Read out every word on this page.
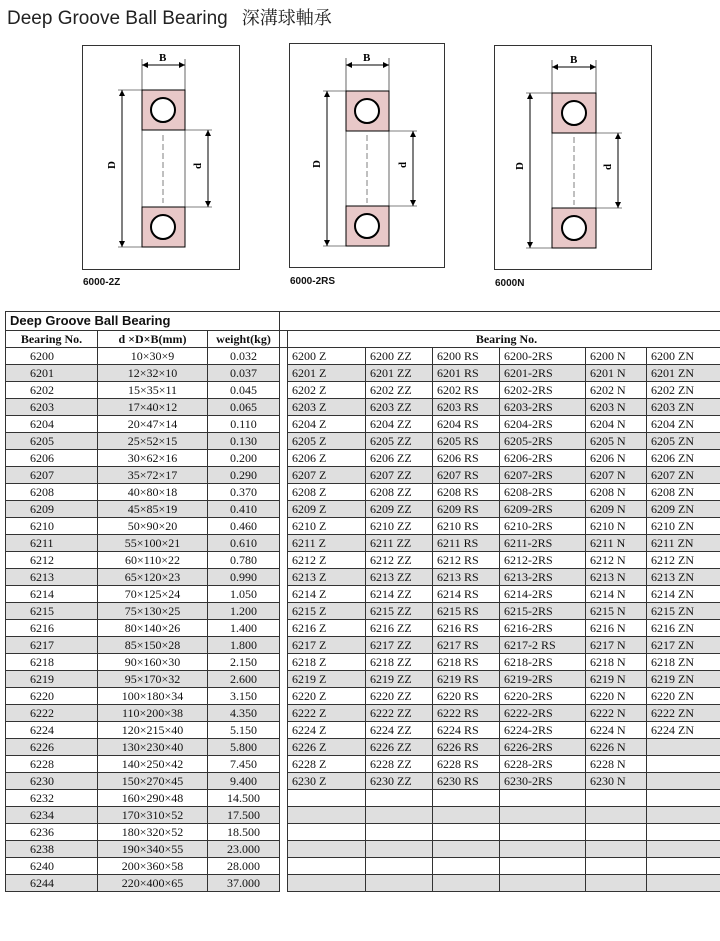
Deep Groove Ball Bearing 深溝球軸承
B
D	d
6000-2Z
B
D	d
6000-2RS
B
D	d
6000N
Deep Groove Ball Bearing									
Bearing No.	d ×D×B(mm)	weight(kg)		Bearing No.					
6200	10×30×9	0.032		6200 Z	6200 ZZ	6200 RS	6200-2RS	6200 N	6200 ZN
6201	12×32×10	0.037		6201 Z	6201 ZZ	6201 RS	6201-2RS	6201 N	6201 ZN
6202	15×35×11	0.045		6202 Z	6202 ZZ	6202 RS	6202-2RS	6202 N	6202 ZN
6203	17×40×12	0.065		6203 Z	6203 ZZ	6203 RS	6203-2RS	6203 N	6203 ZN
6204	20×47×14	0.110		6204 Z	6204 ZZ	6204 RS	6204-2RS	6204 N	6204 ZN
6205	25×52×15	0.130		6205 Z	6205 ZZ	6205 RS	6205-2RS	6205 N	6205 ZN
6206	30×62×16	0.200		6206 Z	6206 ZZ	6206 RS	6206-2RS	6206 N	6206 ZN
6207	35×72×17	0.290		6207 Z	6207 ZZ	6207 RS	6207-2RS	6207 N	6207 ZN
6208	40×80×18	0.370		6208 Z	6208 ZZ	6208 RS	6208-2RS	6208 N	6208 ZN
6209	45×85×19	0.410		6209 Z	6209 ZZ	6209 RS	6209-2RS	6209 N	6209 ZN
6210	50×90×20	0.460		6210 Z	6210 ZZ	6210 RS	6210-2RS	6210 N	6210 ZN
6211	55×100×21	0.610		6211 Z	6211 ZZ	6211 RS	6211-2RS	6211 N	6211 ZN
6212	60×110×22	0.780		6212 Z	6212 ZZ	6212 RS	6212-2RS	6212 N	6212 ZN
6213	65×120×23	0.990		6213 Z	6213 ZZ	6213 RS	6213-2RS	6213 N	6213 ZN
6214	70×125×24	1.050		6214 Z	6214 ZZ	6214 RS	6214-2RS	6214 N	6214 ZN
6215	75×130×25	1.200		6215 Z	6215 ZZ	6215 RS	6215-2RS	6215 N	6215 ZN
6216	80×140×26	1.400		6216 Z	6216 ZZ	6216 RS	6216-2RS	6216 N	6216 ZN
6217	85×150×28	1.800		6217 Z	6217 ZZ	6217 RS	6217-2 RS	6217 N	6217 ZN
6218	90×160×30	2.150		6218 Z	6218 ZZ	6218 RS	6218-2RS	6218 N	6218 ZN
6219	95×170×32	2.600		6219 Z	6219 ZZ	6219 RS	6219-2RS	6219 N	6219 ZN
6220	100×180×34	3.150		6220 Z	6220 ZZ	6220 RS	6220-2RS	6220 N	6220 ZN
6222	110×200×38	4.350		6222 Z	6222 ZZ	6222 RS	6222-2RS	6222 N	6222 ZN
6224	120×215×40	5.150		6224 Z	6224 ZZ	6224 RS	6224-2RS	6224 N	6224 ZN
6226	130×230×40	5.800		6226 Z	6226 ZZ	6226 RS	6226-2RS	6226 N	
6228	140×250×42	7.450		6228 Z	6228 ZZ	6228 RS	6228-2RS	6228 N	
6230	150×270×45	9.400		6230 Z	6230 ZZ	6230 RS	6230-2RS	6230 N	
6232	160×290×48	14.500							
6234	170×310×52	17.500							
6236	180×320×52	18.500							
6238	190×340×55	23.000							
6240	200×360×58	28.000							
6244	220×400×65	37.000							
